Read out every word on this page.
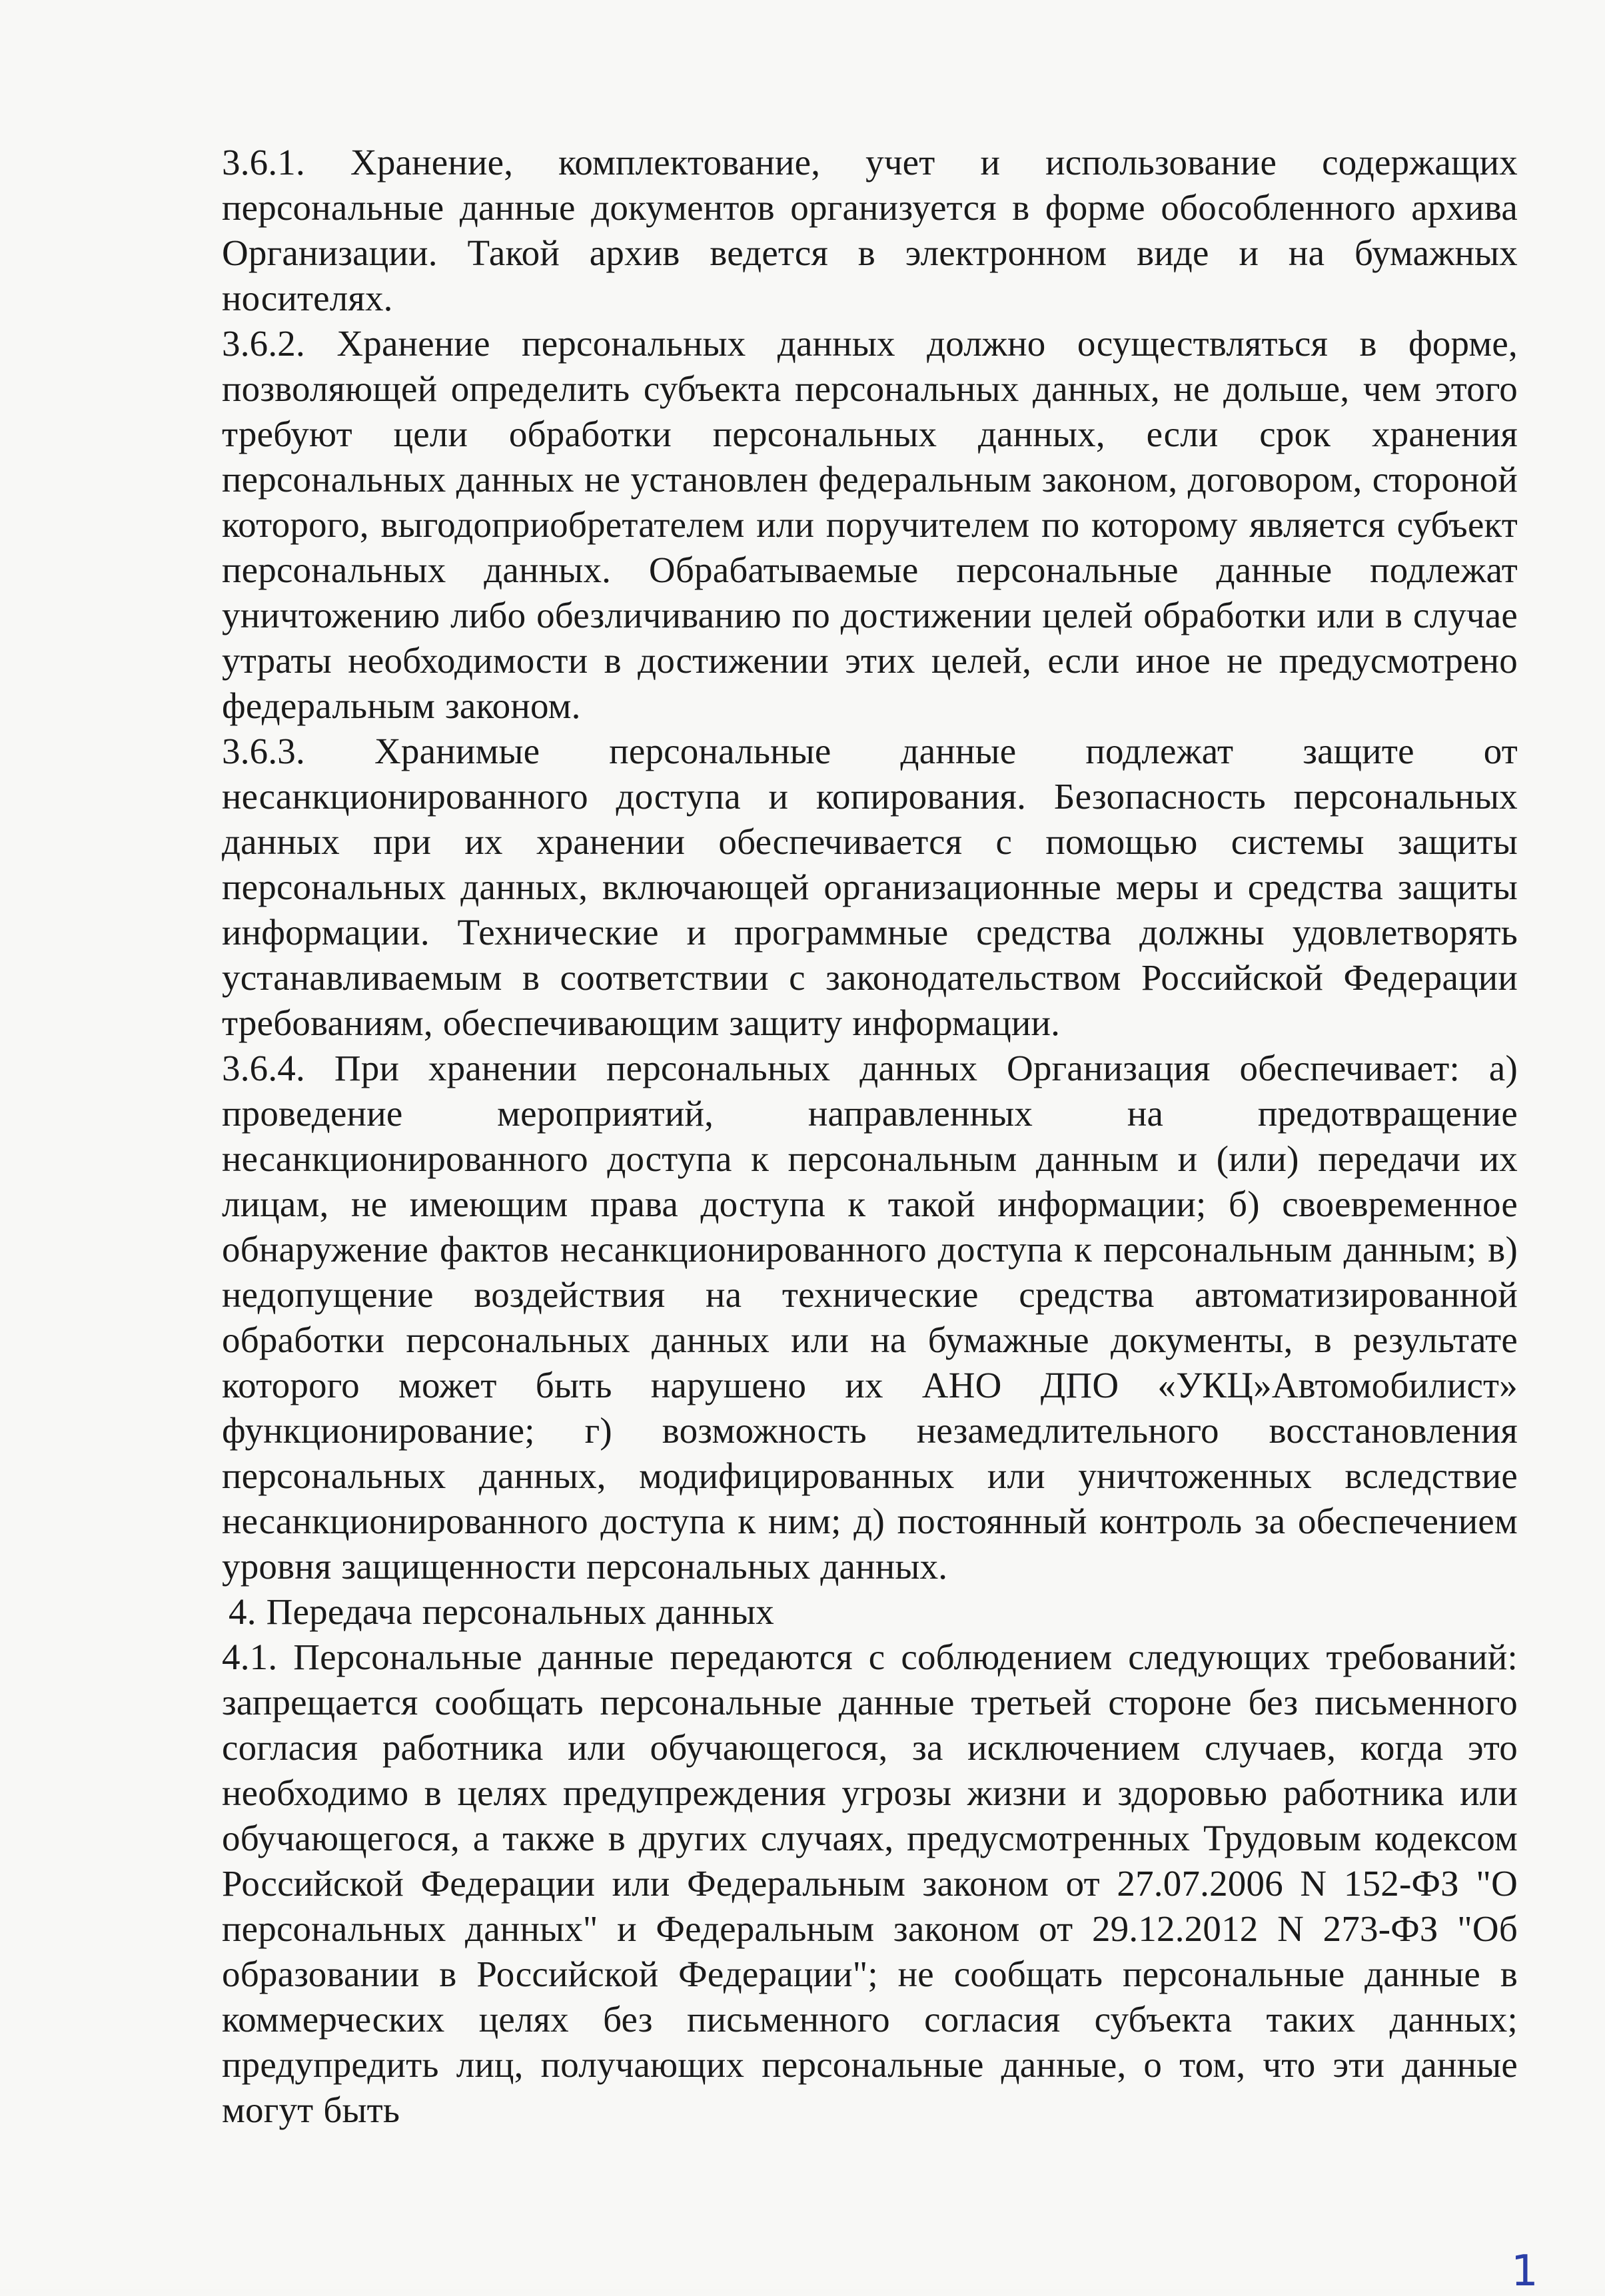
3.6.1. Хранение, комплектование, учет и использование содержащих персональные данные документов организуется в форме обособленного архива Организации. Такой архив ведется в электронном виде и на бумажных носителях.

3.6.2. Хранение персональных данных должно осуществляться в форме, позволяющей определить субъекта персональных данных, не дольше, чем этого требуют цели обработки персональных данных, если срок хранения персональных данных не установлен федеральным законом, договором, стороной которого, выгодоприобретателем или поручителем по которому является субъект персональных данных. Обрабатываемые персональные данные подлежат уничтожению либо обезличиванию по достижении целей обработки или в случае утраты необходимости в достижении этих целей, если иное не предусмотрено федеральным законом.

3.6.3. Хранимые персональные данные подлежат защите от несанкционированного доступа и копирования. Безопасность персональных данных при их хранении обеспечивается с помощью системы защиты персональных данных, включающей организационные меры и средства защиты информации. Технические и программные средства должны удовлетворять устанавливаемым в соответствии с законодательством Российской Федерации требованиям, обеспечивающим защиту информации.

3.6.4. При хранении персональных данных Организация обеспечивает: а) проведение мероприятий, направленных на предотвращение несанкционированного доступа к персональным данным и (или) передачи их лицам, не имеющим права доступа к такой информации; б) своевременное обнаружение фактов несанкционированного доступа к персональным данным; в) недопущение воздействия на технические средства автоматизированной обработки персональных данных или на бумажные документы, в результате которого может быть нарушено их АНО ДПО «УКЦ»Автомобилист» функционирование; г) возможность незамедлительного восстановления персональных данных, модифицированных или уничтоженных вследствие несанкционированного доступа к ним; д) постоянный контроль за обеспечением уровня защищенности персональных данных.

4. Передача персональных данных

4.1. Персональные данные передаются с соблюдением следующих требований: запрещается сообщать персональные данные третьей стороне без письменного согласия работника или обучающегося, за исключением случаев, когда это необходимо в целях предупреждения угрозы жизни и здоровью работника или обучающегося, а также в других случаях, предусмотренных Трудовым кодексом Российской Федерации или Федеральным законом от 27.07.2006 N 152-ФЗ "О персональных данных" и Федеральным законом от 29.12.2012 N 273-ФЗ "Об образовании в Российской Федерации"; не сообщать персональные данные в коммерческих целях без письменного согласия субъекта таких данных; предупредить лиц, получающих персональные данные, о том, что эти данные могут быть

1
